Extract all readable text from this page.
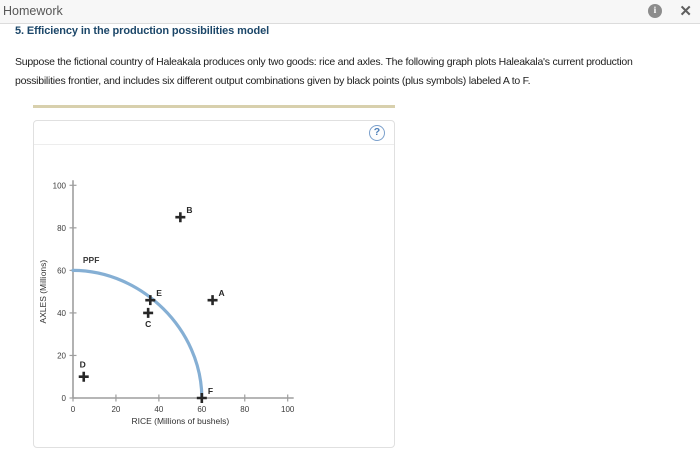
Homework	i	✕
5. Efficiency in the production possibilities model
Suppose the fictional country of Haleakala produces only two goods: rice and axles. The following graph plots Haleakala's current production
possibilities frontier, and includes six different output combinations given by black points (plus symbols) labeled A to F.
?
0	20	40	60	80	100
0
20
40
60
80
100
RICE (Millions of bushels)
AXLES (Millions)	PPF
A
B
C
D
E
F
